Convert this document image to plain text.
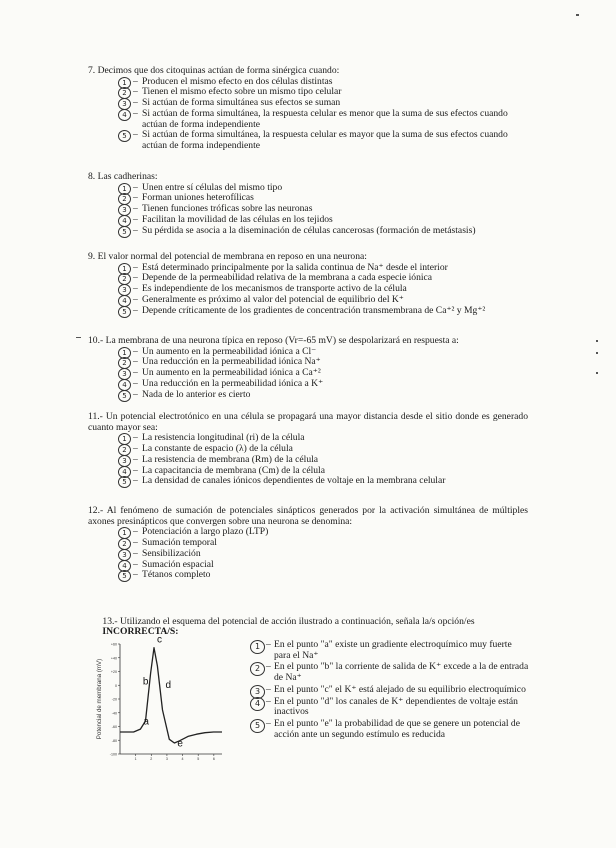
7. Decimos que dos citoquinas actúan de forma sinérgica cuando:
1 – Producen el mismo efecto en dos células distintas
2 – Tienen el mismo efecto sobre un mismo tipo celular
3 – Si actúan de forma simultánea sus efectos se suman
4 – Si actúan de forma simultánea, la respuesta celular es menor que la suma de sus efectos cuando actúan de forma independiente
5 – Si actúan de forma simultánea, la respuesta celular es mayor que la suma de sus efectos cuando actúan de forma independiente
8. Las cadherinas:
1 – Unen entre sí células del mismo tipo
2 – Forman uniones heterofílicas
3 – Tienen funciones tróficas sobre las neuronas
4 – Facilitan la movilidad de las células en los tejidos
5 – Su pérdida se asocia a la diseminación de células cancerosas (formación de metástasis)
9. El valor normal del potencial de membrana en reposo en una neurona:
1 – Está determinado principalmente por la salida continua de Na⁺ desde el interior
2 – Depende de la permeabilidad relativa de la membrana a cada especie iónica
3 – Es independiente de los mecanismos de transporte activo de la célula
4 – Generalmente es próximo al valor del potencial de equilibrio del K⁺
5 – Depende críticamente de los gradientes de concentración transmembrana de Ca⁺² y Mg⁺²
10.- La membrana de una neurona típica en reposo (Vr=-65 mV) se despolarizará en respuesta a:
1 – Un aumento en la permeabilidad iónica a Cl⁻
2 – Una reducción en la permeabilidad iónica Na⁺
3 – Un aumento en la permeabilidad iónica a Ca⁺²
4 – Una reducción en la permeabilidad iónica a K⁺
5 – Nada de lo anterior es cierto
11.- Un potencial electrotónico en una célula se propagará una mayor distancia desde el sitio donde es generado cuanto mayor sea:
1 – La resistencia longitudinal (ri) de la célula
2 – La constante de espacio (λ) de la célula
3 – La resistencia de membrana (Rm) de la célula
4 – La capacitancia de membrana (Cm) de la célula
5 – La densidad de canales iónicos dependientes de voltaje en la membrana celular
12.- Al fenómeno de sumación de potenciales sinápticos generados por la activación simultánea de múltiples axones presinápticos que convergen sobre una neurona se denomina:
1 – Potenciación a largo plazo (LTP)
2 – Sumación temporal
3 – Sensibilización
4 – Sumación espacial
5 – Tétanos completo

13.- Utilizando el esquema del potencial de acción ilustrado a continuación, señala la/s opción/es
INCORRECTA/S:

+60
+40
+20
0
-20
-40
-60
-80
-100
1	2	3	4	5	6
Potencial de membrana (mV)	a
b
c
d
e
1 – En el punto "a" existe un gradiente electroquímico muy fuerte para el Na⁺
2 – En el punto "b" la corriente de salida de K⁺ excede a la de entrada de Na⁺
3 – En el punto "c" el K⁺ está alejado de su equilibrio electroquímico
4 – En el punto "d" los canales de K⁺ dependientes de voltaje están inactivos
5 – En el punto "e" la probabilidad de que se genere un potencial de acción ante un segundo estímulo es reducida
